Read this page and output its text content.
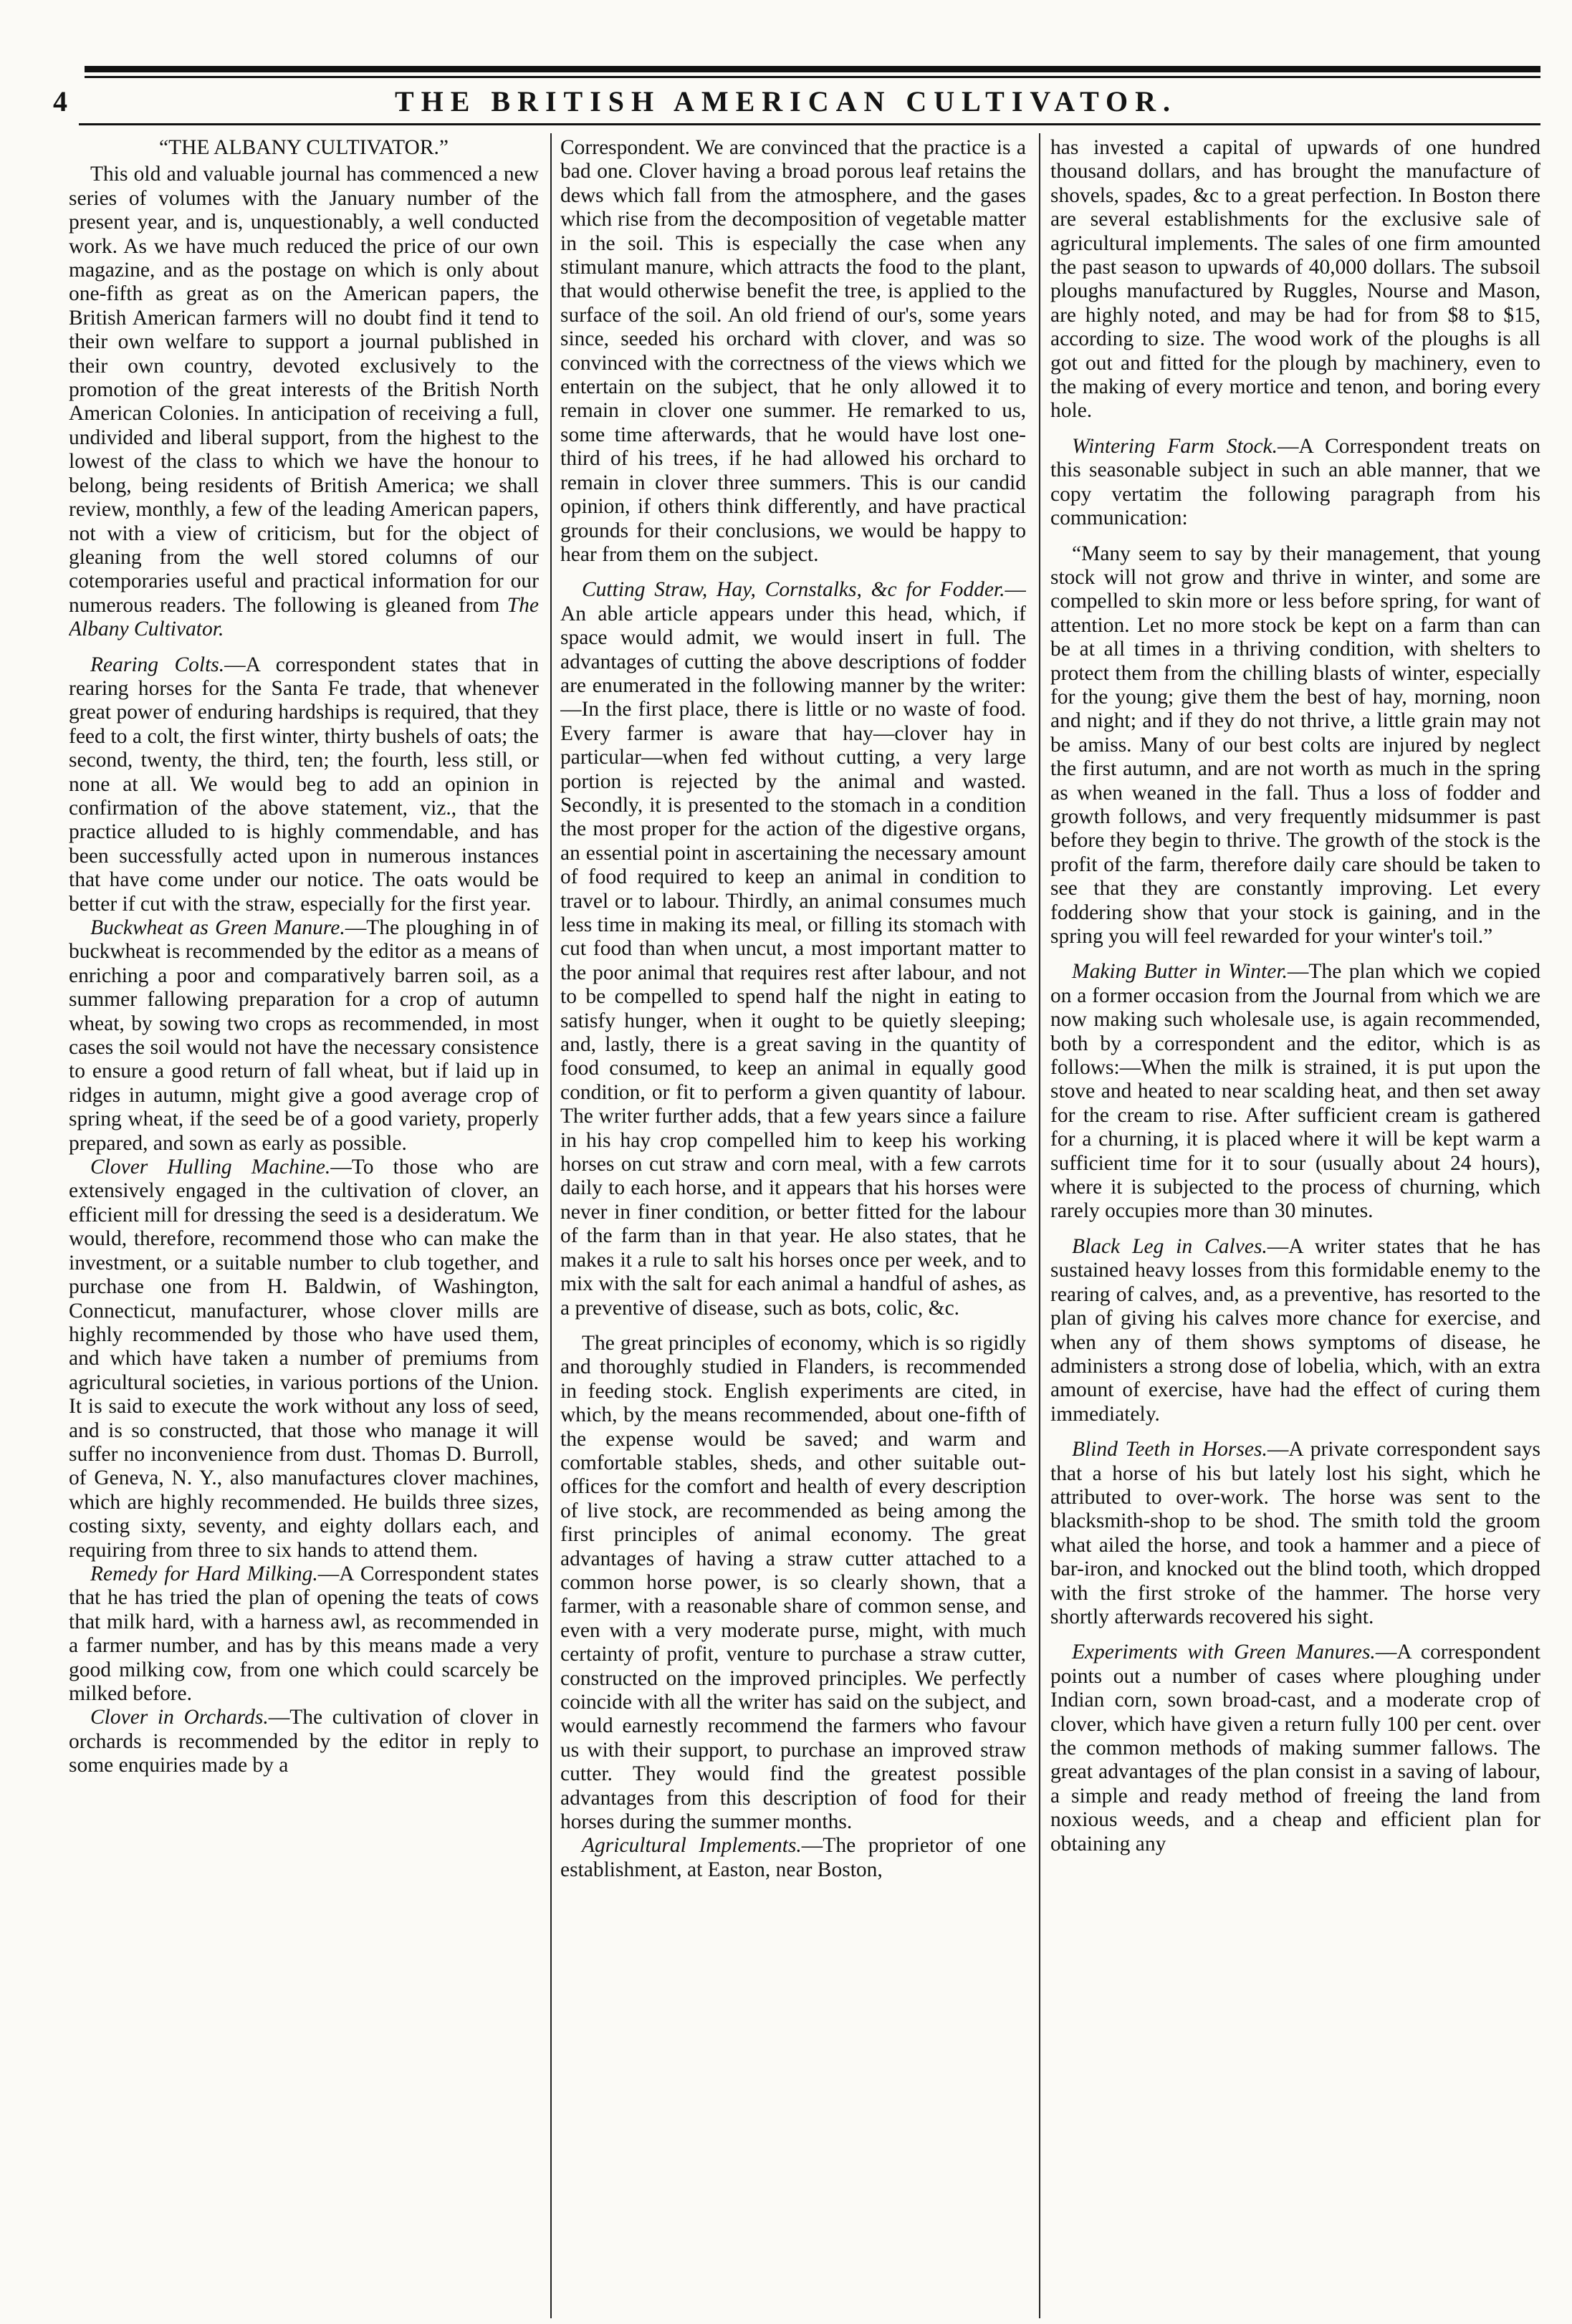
4	THE BRITISH AMERICAN CULTIVATOR.

“THE ALBANY CULTIVATOR.”

This old and valuable journal has commenced a new series of volumes with the January number of the present year, and is, unquestionably, a well conducted work. As we have much reduced the price of our own magazine, and as the postage on which is only about one-fifth as great as on the American papers, the British American farmers will no doubt find it tend to their own welfare to support a journal published in their own country, devoted exclusively to the promotion of the great interests of the British North American Colonies. In anticipation of receiving a full, undivided and liberal support, from the highest to the lowest of the class to which we have the honour to belong, being residents of British America; we shall review, monthly, a few of the leading American papers, not with a view of criticism, but for the object of gleaning from the well stored columns of our cotemporaries useful and practical information for our numerous readers. The following is gleaned from The Albany Cultivator.

Rearing Colts.—A correspondent states that in rearing horses for the Santa Fe trade, that whenever great power of enduring hardships is required, that they feed to a colt, the first winter, thirty bushels of oats; the second, twenty, the third, ten; the fourth, less still, or none at all. We would beg to add an opinion in confirmation of the above statement, viz., that the practice alluded to is highly commendable, and has been successfully acted upon in numerous instances that have come under our notice. The oats would be better if cut with the straw, especially for the first year.

Buckwheat as Green Manure.—The ploughing in of buckwheat is recommended by the editor as a means of enriching a poor and comparatively barren soil, as a summer fallowing preparation for a crop of autumn wheat, by sowing two crops as recommended, in most cases the soil would not have the necessary consistence to ensure a good return of fall wheat, but if laid up in ridges in autumn, might give a good average crop of spring wheat, if the seed be of a good variety, properly prepared, and sown as early as possible.

Clover Hulling Machine.—To those who are extensively engaged in the cultivation of clover, an efficient mill for dressing the seed is a desideratum. We would, therefore, recommend those who can make the investment, or a suitable number to club together, and purchase one from H. Baldwin, of Washington, Connecticut, manufacturer, whose clover mills are highly recommended by those who have used them, and which have taken a number of premiums from agricultural societies, in various portions of the Union. It is said to execute the work without any loss of seed, and is so constructed, that those who manage it will suffer no inconvenience from dust. Thomas D. Burroll, of Geneva, N. Y., also manufactures clover machines, which are highly recommended. He builds three sizes, costing sixty, seventy, and eighty dollars each, and requiring from three to six hands to attend them.

Remedy for Hard Milking.—A Correspondent states that he has tried the plan of opening the teats of cows that milk hard, with a harness awl, as recommended in a farmer number, and has by this means made a very good milking cow, from one which could scarcely be milked before.

Clover in Orchards.—The cultivation of clover in orchards is recommended by the editor in reply to some enquiries made by a

Correspondent. We are convinced that the practice is a bad one. Clover having a broad porous leaf retains the dews which fall from the atmosphere, and the gases which rise from the decomposition of vegetable matter in the soil. This is especially the case when any stimulant manure, which attracts the food to the plant, that would otherwise benefit the tree, is applied to the surface of the soil. An old friend of our's, some years since, seeded his orchard with clover, and was so convinced with the correctness of the views which we entertain on the subject, that he only allowed it to remain in clover one summer. He remarked to us, some time afterwards, that he would have lost one-third of his trees, if he had allowed his orchard to remain in clover three summers. This is our candid opinion, if others think differently, and have practical grounds for their conclusions, we would be happy to hear from them on the subject.

Cutting Straw, Hay, Cornstalks, &c for Fodder.—An able article appears under this head, which, if space would admit, we would insert in full. The advantages of cutting the above descriptions of fodder are enumerated in the following manner by the writer:—In the first place, there is little or no waste of food. Every farmer is aware that hay—clover hay in particular—when fed without cutting, a very large portion is rejected by the animal and wasted. Secondly, it is presented to the stomach in a condition the most proper for the action of the digestive organs, an essential point in ascertaining the necessary amount of food required to keep an animal in condition to travel or to labour. Thirdly, an animal consumes much less time in making its meal, or filling its stomach with cut food than when uncut, a most important matter to the poor animal that requires rest after labour, and not to be compelled to spend half the night in eating to satisfy hunger, when it ought to be quietly sleeping; and, lastly, there is a great saving in the quantity of food consumed, to keep an animal in equally good condition, or fit to perform a given quantity of labour. The writer further adds, that a few years since a failure in his hay crop compelled him to keep his working horses on cut straw and corn meal, with a few carrots daily to each horse, and it appears that his horses were never in finer condition, or better fitted for the labour of the farm than in that year. He also states, that he makes it a rule to salt his horses once per week, and to mix with the salt for each animal a handful of ashes, as a preventive of disease, such as bots, colic, &c.

The great principles of economy, which is so rigidly and thoroughly studied in Flanders, is recommended in feeding stock. English experiments are cited, in which, by the means recommended, about one-fifth of the expense would be saved; and warm and comfortable stables, sheds, and other suitable out-offices for the comfort and health of every description of live stock, are recommended as being among the first principles of animal economy. The great advantages of having a straw cutter attached to a common horse power, is so clearly shown, that a farmer, with a reasonable share of common sense, and even with a very moderate purse, might, with much certainty of profit, venture to purchase a straw cutter, constructed on the improved principles. We perfectly coincide with all the writer has said on the subject, and would earnestly recommend the farmers who favour us with their support, to purchase an improved straw cutter. They would find the greatest possible advantages from this description of food for their horses during the summer months.

Agricultural Implements.—The proprietor of one establishment, at Easton, near Boston,

has invested a capital of upwards of one hundred thousand dollars, and has brought the manufacture of shovels, spades, &c to a great perfection. In Boston there are several establishments for the exclusive sale of agricultural implements. The sales of one firm amounted the past season to upwards of 40,000 dollars. The subsoil ploughs manufactured by Ruggles, Nourse and Mason, are highly noted, and may be had for from $8 to $15, according to size. The wood work of the ploughs is all got out and fitted for the plough by machinery, even to the making of every mortice and tenon, and boring every hole.

Wintering Farm Stock.—A Correspondent treats on this seasonable subject in such an able manner, that we copy vertatim the following paragraph from his communication:

“Many seem to say by their management, that young stock will not grow and thrive in winter, and some are compelled to skin more or less before spring, for want of attention. Let no more stock be kept on a farm than can be at all times in a thriving condition, with shelters to protect them from the chilling blasts of winter, especially for the young; give them the best of hay, morning, noon and night; and if they do not thrive, a little grain may not be amiss. Many of our best colts are injured by neglect the first autumn, and are not worth as much in the spring as when weaned in the fall. Thus a loss of fodder and growth follows, and very frequently midsummer is past before they begin to thrive. The growth of the stock is the profit of the farm, therefore daily care should be taken to see that they are constantly improving. Let every foddering show that your stock is gaining, and in the spring you will feel rewarded for your winter's toil.”

Making Butter in Winter.—The plan which we copied on a former occasion from the Journal from which we are now making such wholesale use, is again recommended, both by a correspondent and the editor, which is as follows:—When the milk is strained, it is put upon the stove and heated to near scalding heat, and then set away for the cream to rise. After sufficient cream is gathered for a churning, it is placed where it will be kept warm a sufficient time for it to sour (usually about 24 hours), where it is subjected to the process of churning, which rarely occupies more than 30 minutes.

Black Leg in Calves.—A writer states that he has sustained heavy losses from this formidable enemy to the rearing of calves, and, as a preventive, has resorted to the plan of giving his calves more chance for exercise, and when any of them shows symptoms of disease, he administers a strong dose of lobelia, which, with an extra amount of exercise, have had the effect of curing them immediately.

Blind Teeth in Horses.—A private correspondent says that a horse of his but lately lost his sight, which he attributed to over-work. The horse was sent to the blacksmith-shop to be shod. The smith told the groom what ailed the horse, and took a hammer and a piece of bar-iron, and knocked out the blind tooth, which dropped with the first stroke of the hammer. The horse very shortly afterwards recovered his sight.

Experiments with Green Manures.—A correspondent points out a number of cases where ploughing under Indian corn, sown broad-cast, and a moderate crop of clover, which have given a return fully 100 per cent. over the common methods of making summer fallows. The great advantages of the plan consist in a saving of labour, a simple and ready method of freeing the land from noxious weeds, and a cheap and efficient plan for obtaining any
